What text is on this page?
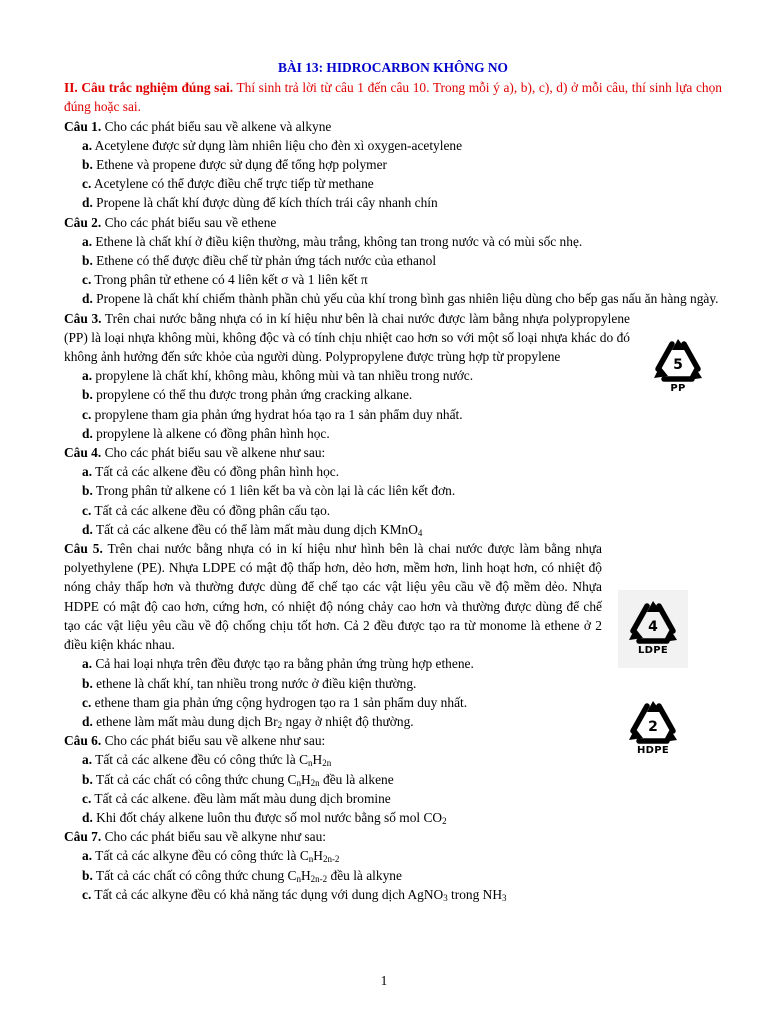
BÀI 13: HIDROCARBON KHÔNG NO
II. Câu trắc nghiệm đúng sai. Thí sinh trả lời từ câu 1 đến câu 10. Trong mỗi ý a), b), c), d) ở mỗi câu, thí sinh lựa chọn đúng hoặc sai.
Câu 1. Cho các phát biểu sau về alkene và alkyne
a. Acetylene được sử dụng làm nhiên liệu cho đèn xì oxygen-acetylene
b. Ethene và propene được sử dụng để tổng hợp polymer
c. Acetylene có thể được điều chế trực tiếp từ methane
d. Propene là chất khí được dùng để kích thích trái cây nhanh chín
Câu 2. Cho các phát biểu sau về ethene
a. Ethene là chất khí ở điều kiện thường, màu trắng, không tan trong nước và có mùi sốc nhẹ.
b. Ethene có thể được điều chế từ phản ứng tách nước của ethanol
c. Trong phân tử ethene có 4 liên kết σ và 1 liên kết π
d. Propene là chất khí chiếm thành phần chủ yếu của khí trong bình gas nhiên liệu dùng cho bếp gas nấu ăn hàng ngày.
Câu 3. Trên chai nước bằng nhựa có in kí hiệu như bên là chai nước được làm bằng nhựa polypropylene (PP) là loại nhựa không mùi, không độc và có tính chịu nhiệt cao hơn so với một số loại nhựa khác do đó không ảnh hưởng đến sức khỏe của người dùng. Polypropylene được trùng hợp từ propylene
a. propylene là chất khí, không màu, không mùi và tan nhiều trong nước.
b. propylene có thể thu được trong phản ứng cracking alkane.
c. propylene tham gia phản ứng hydrat hóa tạo ra 1 sản phẩm duy nhất.
d. propylene là alkene có đồng phân hình học.
Câu 4. Cho các phát biểu sau về alkene như sau:
a. Tất cả các alkene đều có đồng phân hình học.
b. Trong phân tử alkene có 1 liên kết ba và còn lại là các liên kết đơn.
c. Tất cả các alkene đều có đồng phân cấu tạo.
d. Tất cả các alkene đều có thể làm mất màu dung dịch KMnO$_4$
Câu 5. Trên chai nước bằng nhựa có in kí hiệu như hình bên là chai nước được làm bằng nhựa polyethylene (PE). Nhựa LDPE có mật độ thấp hơn, dẻo hơn, mềm hơn, linh hoạt hơn, có nhiệt độ nóng chảy thấp hơn và thường được dùng để chế tạo các vật liệu yêu cầu về độ mềm dẻo. Nhựa HDPE có mật độ cao hơn, cứng hơn, có nhiệt độ nóng chảy cao hơn và thường được dùng để chế tạo các vật liệu yêu cầu về độ chống chịu tốt hơn. Cả 2 đều được tạo ra từ monome là ethene ở 2 điều kiện khác nhau.
a. Cả hai loại nhựa trên đều được tạo ra bằng phản ứng trùng hợp ethene.
b. ethene là chất khí, tan nhiều trong nước ở điều kiện thường.
c. ethene tham gia phản ứng cộng hydrogen tạo ra 1 sản phẩm duy nhất.
d. ethene làm mất màu dung dịch $Br_2$ ngay ở nhiệt độ thường.
Câu 6. Cho các phát biểu sau về alkene như sau:
a. Tất cả các alkene đều có công thức là $C_nH_{2n}$
b. Tất cả các chất có công thức chung $C_nH_{2n}$ đều là alkene
c. Tất cả các alkene. đều làm mất màu dung dịch bromine
d. Khi đốt cháy alkene luôn thu được số mol nước bằng số mol $CO_2$
Câu 7. Cho các phát biểu sau về alkyne như sau:
a. Tất cả các alkyne đều có công thức là $C_nH_{2n-2}$
b. Tất cả các chất có công thức chung $C_nH_{2n-2}$ đều là alkyne
c. Tất cả các alkyne đều có khả năng tác dụng với dung dịch AgNO$_3$ trong $NH_3$
5
PP
4
LDPE
2
HDPE
1
